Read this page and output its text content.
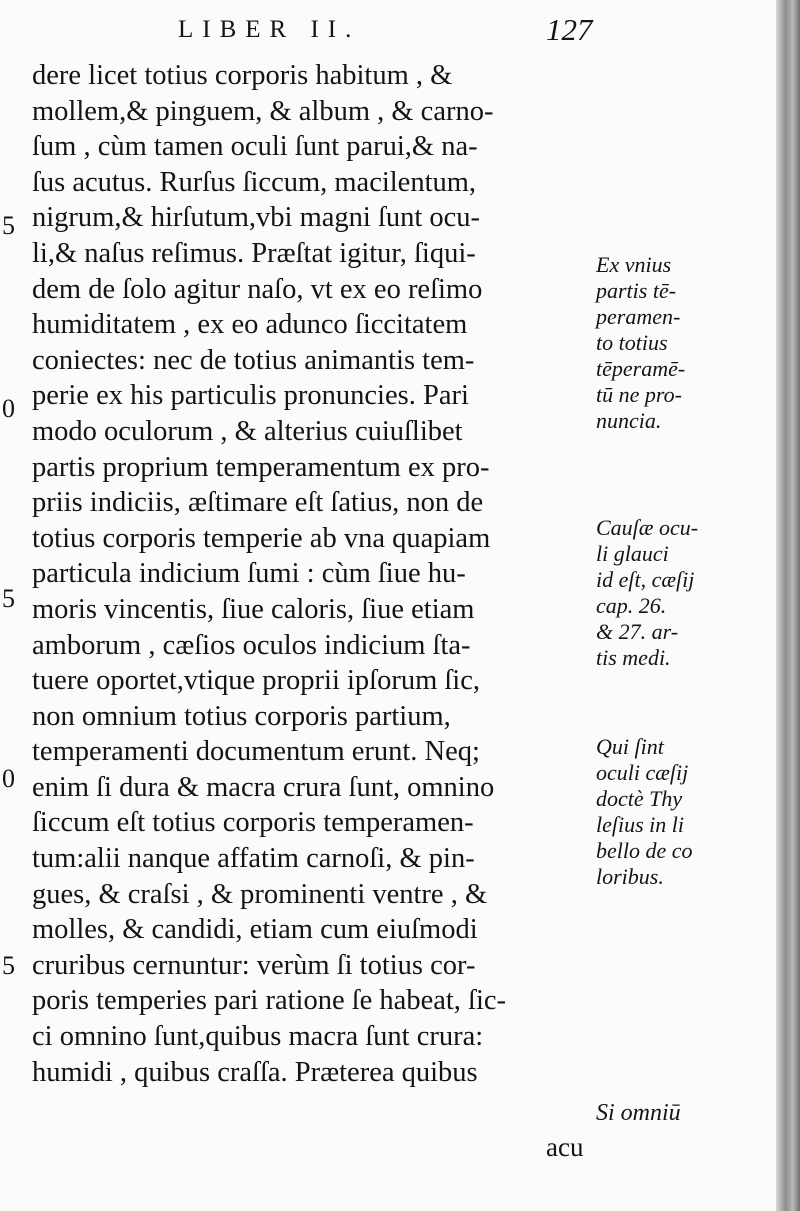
LIBER II.	127
5
0
5
0
5
dere licet totius corporis habitum , &
mollem,& pinguem, & album , & carno-
ſum , cùm tamen oculi ſunt parui,& na-
ſus acutus. Rurſus ſiccum, macilentum,
nigrum,& hirſutum,vbi magni ſunt ocu-
li,& naſus reſimus. Præſtat igitur, ſiqui-
dem de ſolo agitur naſo, vt ex eo reſimo
humiditatem , ex eo adunco ſiccitatem
coniectes: nec de totius animantis tem-
perie ex his particulis pronuncies. Pari
modo oculorum , & alterius cuiuſlibet
partis proprium temperamentum ex pro-
priis indiciis, æſtimare eſt ſatius, non de
totius corporis temperie ab vna quapiam
particula indicium ſumi : cùm ſiue hu-
moris vincentis, ſiue caloris, ſiue etiam
amborum , cæſios oculos indicium ſta-
tuere oportet,vtique proprii ipſorum ſic,
non omnium totius corporis partium,
temperamenti documentum erunt. Neq;
enim ſi dura & macra crura ſunt, omnino
ſiccum eſt totius corporis temperamen-
tum:alii nanque affatim carnoſi, & pin-
gues, & craſsi , & prominenti ventre , &
molles, & candidi, etiam cum eiuſmodi
cruribus cernuntur: verùm ſi totius cor-
poris temperies pari ratione ſe habeat, ſic-
ci omnino ſunt,quibus macra ſunt crura:
humidi , quibus craſſa. Præterea quibus
Ex vnius
partis tē-
peramen-
to totius
tēperamē-
tū ne pro-
nuncia.
Cauſæ ocu-
li glauci
id eſt, cæſij
cap. 26.
& 27. ar-
tis medi.
Qui ſint
oculi cæſij
doctè Thy
leſius in li
bello de co
loribus.
Si omniū
acu
